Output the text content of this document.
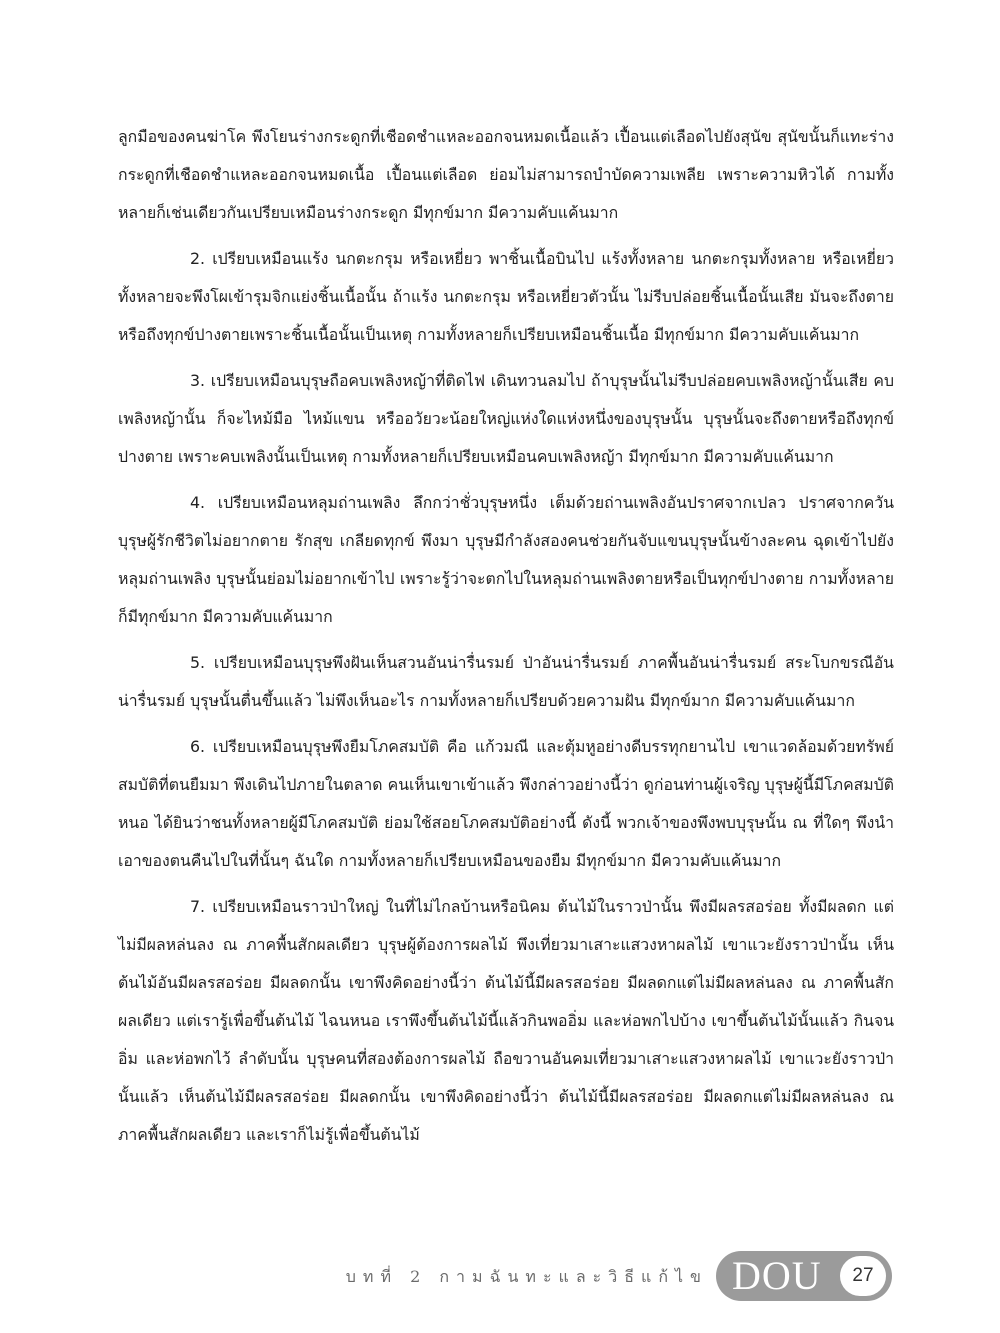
ลูกมือของคนฆ่าโค พึงโยนร่างกระดูกที่เชือดชำแหละออกจนหมดเนื้อแล้ว เปื้อนแต่เลือดไปยังสุนัข สุนัขนั้นก็แทะร่างกระดูกที่เชือดชำแหละออกจนหมดเนื้อ เปื้อนแต่เลือด ย่อมไม่สามารถบำบัดความเพลีย เพราะความหิวได้ กามทั้งหลายก็เช่นเดียวกันเปรียบเหมือนร่างกระดูก มีทุกข์มาก มีความคับแค้นมาก

2. เปรียบเหมือนแร้ง นกตะกรุม หรือเหยี่ยว พาชิ้นเนื้อบินไป แร้งทั้งหลาย นกตะกรุมทั้งหลาย หรือเหยี่ยวทั้งหลายจะพึงโผเข้ารุมจิกแย่งชิ้นเนื้อนั้น ถ้าแร้ง นกตะกรุม หรือเหยี่ยวตัวนั้น ไม่รีบปล่อยชิ้นเนื้อนั้นเสีย มันจะถึงตาย หรือถึงทุกข์ปางตายเพราะชิ้นเนื้อนั้นเป็นเหตุ กามทั้งหลายก็เปรียบเหมือนชิ้นเนื้อ มีทุกข์มาก มีความคับแค้นมาก

3. เปรียบเหมือนบุรุษถือคบเพลิงหญ้าที่ติดไฟ เดินทวนลมไป ถ้าบุรุษนั้นไม่รีบปล่อยคบเพลิงหญ้านั้นเสีย คบเพลิงหญ้านั้น ก็จะไหม้มือ ไหม้แขน หรืออวัยวะน้อยใหญ่แห่งใดแห่งหนึ่งของบุรุษนั้น บุรุษนั้นจะถึงตายหรือถึงทุกข์ปางตาย เพราะคบเพลิงนั้นเป็นเหตุ กามทั้งหลายก็เปรียบเหมือนคบเพลิงหญ้า มีทุกข์มาก มีความคับแค้นมาก

4. เปรียบเหมือนหลุมถ่านเพลิง ลึกกว่าชั่วบุรุษหนึ่ง เต็มด้วยถ่านเพลิงอันปราศจากเปลว ปราศจากควัน บุรุษผู้รักชีวิตไม่อยากตาย รักสุข เกลียดทุกข์ พึงมา บุรุษมีกำลังสองคนช่วยกันจับแขนบุรุษนั้นข้างละคน ฉุดเข้าไปยังหลุมถ่านเพลิง บุรุษนั้นย่อมไม่อยากเข้าไป เพราะรู้ว่าจะตกไปในหลุมถ่านเพลิงตายหรือเป็นทุกข์ปางตาย กามทั้งหลายก็มีทุกข์มาก มีความคับแค้นมาก

5. เปรียบเหมือนบุรุษพึงฝันเห็นสวนอันน่ารื่นรมย์ ป่าอันน่ารื่นรมย์ ภาคพื้นอันน่ารื่นรมย์ สระโบกขรณีอันน่ารื่นรมย์ บุรุษนั้นตื่นขึ้นแล้ว ไม่พึงเห็นอะไร กามทั้งหลายก็เปรียบด้วยความฝัน มีทุกข์มาก มีความคับแค้นมาก

6. เปรียบเหมือนบุรุษพึงยืมโภคสมบัติ คือ แก้วมณี และตุ้มหูอย่างดีบรรทุกยานไป เขาแวดล้อมด้วยทรัพย์สมบัติที่ตนยืมมา พึงเดินไปภายในตลาด คนเห็นเขาเข้าแล้ว พึงกล่าวอย่างนี้ว่า ดูก่อนท่านผู้เจริญ บุรุษผู้นี้มีโภคสมบัติหนอ ได้ยินว่าชนทั้งหลายผู้มีโภคสมบัติ ย่อมใช้สอยโภคสมบัติอย่างนี้ ดังนี้ พวกเจ้าของพึงพบบุรุษนั้น ณ ที่ใดๆ พึงนำเอาของตนคืนไปในที่นั้นๆ ฉันใด กามทั้งหลายก็เปรียบเหมือนของยืม มีทุกข์มาก มีความคับแค้นมาก

7. เปรียบเหมือนราวป่าใหญ่ ในที่ไม่ไกลบ้านหรือนิคม ต้นไม้ในราวป่านั้น พึงมีผลรสอร่อย ทั้งมีผลดก แต่ไม่มีผลหล่นลง ณ ภาคพื้นสักผลเดียว บุรุษผู้ต้องการผลไม้ พึงเที่ยวมาเสาะแสวงหาผลไม้ เขาแวะยังราวป่านั้น เห็นต้นไม้อันมีผลรสอร่อย มีผลดกนั้น เขาพึงคิดอย่างนี้ว่า ต้นไม้นี้มีผลรสอร่อย มีผลดกแต่ไม่มีผลหล่นลง ณ ภาคพื้นสักผลเดียว แต่เรารู้เพื่อขึ้นต้นไม้ ไฉนหนอ เราพึงขึ้นต้นไม้นี้แล้วกินพออิ่ม และห่อพกไปบ้าง เขาขึ้นต้นไม้นั้นแล้ว กินจนอิ่ม และห่อพกไว้ ลำดับนั้น บุรุษคนที่สองต้องการผลไม้ ถือขวานอันคมเที่ยวมาเสาะแสวงหาผลไม้ เขาแวะยังราวป่านั้นแล้ว เห็นต้นไม้มีผลรสอร่อย มีผลดกนั้น เขาพึงคิดอย่างนี้ว่า ต้นไม้นี้มีผลรสอร่อย มีผลดกแต่ไม่มีผลหล่นลง ณ ภาคพื้นสักผลเดียว และเราก็ไม่รู้เพื่อขึ้นต้นไม้

บทที่ 2 กามฉันทะและวิธีแก้ไข DOU	27
